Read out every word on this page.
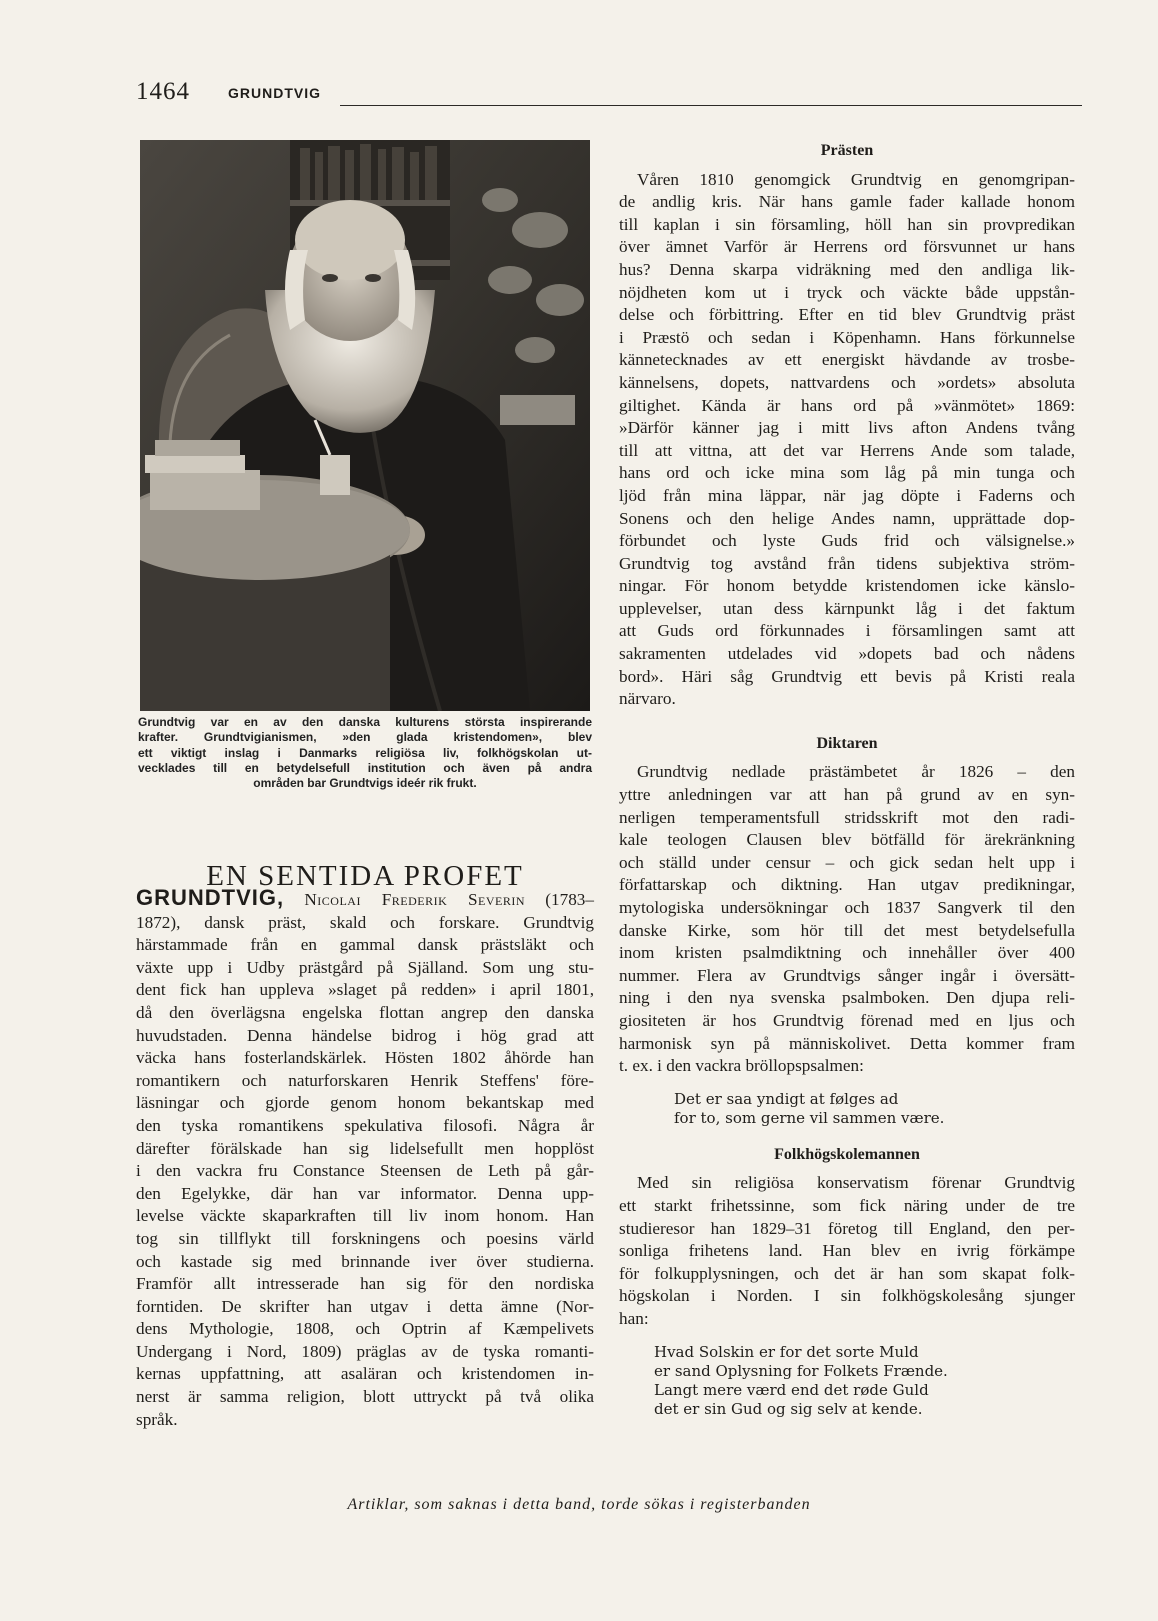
1464	GRUNDTVIG
Grundtvig var en av den danska kulturens största inspirerande
krafter. Grundtvigianismen, »den glada kristendomen», blev
ett viktigt inslag i Danmarks religiösa liv, folkhögskolan ut-
vecklades till en betydelsefull institution och även på andra
områden bar Grundtvigs ideér rik frukt.
EN SENTIDA PROFET
GRUNDTVIG, Nicolai Frederik Severin (1783–
1872), dansk präst, skald och forskare. Grundtvig
härstammade från en gammal dansk prästsläkt och
växte upp i Udby prästgård på Själland. Som ung stu-
dent fick han uppleva »slaget på redden» i april 1801,
då den överlägsna engelska flottan angrep den danska
huvudstaden. Denna händelse bidrog i hög grad att
väcka hans fosterlandskärlek. Hösten 1802 åhörde han
romantikern och naturforskaren Henrik Steffens' före-
läsningar och gjorde genom honom bekantskap med
den tyska romantikens spekulativa filosofi. Några år
därefter förälskade han sig lidelsefullt men hopplöst
i den vackra fru Constance Steensen de Leth på går-
den Egelykke, där han var informator. Denna upp-
levelse väckte skaparkraften till liv inom honom. Han
tog sin tillflykt till forskningens och poesins värld
och kastade sig med brinnande iver över studierna.
Framför allt intresserade han sig för den nordiska
forntiden. De skrifter han utgav i detta ämne (Nor-
dens Mythologie, 1808, och Optrin af Kæmpelivets
Undergang i Nord, 1809) präglas av de tyska romanti-
kernas uppfattning, att asaläran och kristendomen in-
nerst är samma religion, blott uttryckt på två olika
språk.
Prästen
Våren 1810 genomgick Grundtvig en genomgripan-
de andlig kris. När hans gamle fader kallade honom
till kaplan i sin församling, höll han sin provpredikan
över ämnet Varför är Herrens ord försvunnet ur hans
hus? Denna skarpa vidräkning med den andliga lik-
nöjdheten kom ut i tryck och väckte både uppstån-
delse och förbittring. Efter en tid blev Grundtvig präst
i Præstö och sedan i Köpenhamn. Hans förkunnelse
kännetecknades av ett energiskt hävdande av trosbe-
kännelsens, dopets, nattvardens och »ordets» absoluta
giltighet. Kända är hans ord på »vänmötet» 1869:
»Därför känner jag i mitt livs afton Andens tvång
till att vittna, att det var Herrens Ande som talade,
hans ord och icke mina som låg på min tunga och
ljöd från mina läppar, när jag döpte i Faderns och
Sonens och den helige Andes namn, upprättade dop-
förbundet och lyste Guds frid och välsignelse.»
Grundtvig tog avstånd från tidens subjektiva ström-
ningar. För honom betydde kristendomen icke känslo-
upplevelser, utan dess kärnpunkt låg i det faktum
att Guds ord förkunnades i församlingen samt att
sakramenten utdelades vid »dopets bad och nådens
bord». Häri såg Grundtvig ett bevis på Kristi reala
närvaro.
Diktaren
Grundtvig nedlade prästämbetet år 1826 – den
yttre anledningen var att han på grund av en syn-
nerligen temperamentsfull stridsskrift mot den radi-
kale teologen Clausen blev bötfälld för ärekränkning
och ställd under censur – och gick sedan helt upp i
författarskap och diktning. Han utgav predikningar,
mytologiska undersökningar och 1837 Sangverk til den
danske Kirke, som hör till det mest betydelsefulla
inom kristen psalmdiktning och innehåller över 400
nummer. Flera av Grundtvigs sånger ingår i översätt-
ning i den nya svenska psalmboken. Den djupa reli-
giositeten är hos Grundtvig förenad med en ljus och
harmonisk syn på människolivet. Detta kommer fram
t. ex. i den vackra bröllopspsalmen:
Det er saa yndigt at følges ad
for to, som gerne vil sammen være.
Folkhögskolemannen
Med sin religiösa konservatism förenar Grundtvig
ett starkt frihetssinne, som fick näring under de tre
studieresor han 1829–31 företog till England, den per-
sonliga frihetens land. Han blev en ivrig förkämpe
för folkupplysningen, och det är han som skapat folk-
högskolan i Norden. I sin folkhögskolesång sjunger
han:
Hvad Solskin er for det sorte Muld
er sand Oplysning for Folkets Frænde.
Langt mere værd end det røde Guld
det er sin Gud og sig selv at kende.
Artiklar, som saknas i detta band, torde sökas i registerbanden
